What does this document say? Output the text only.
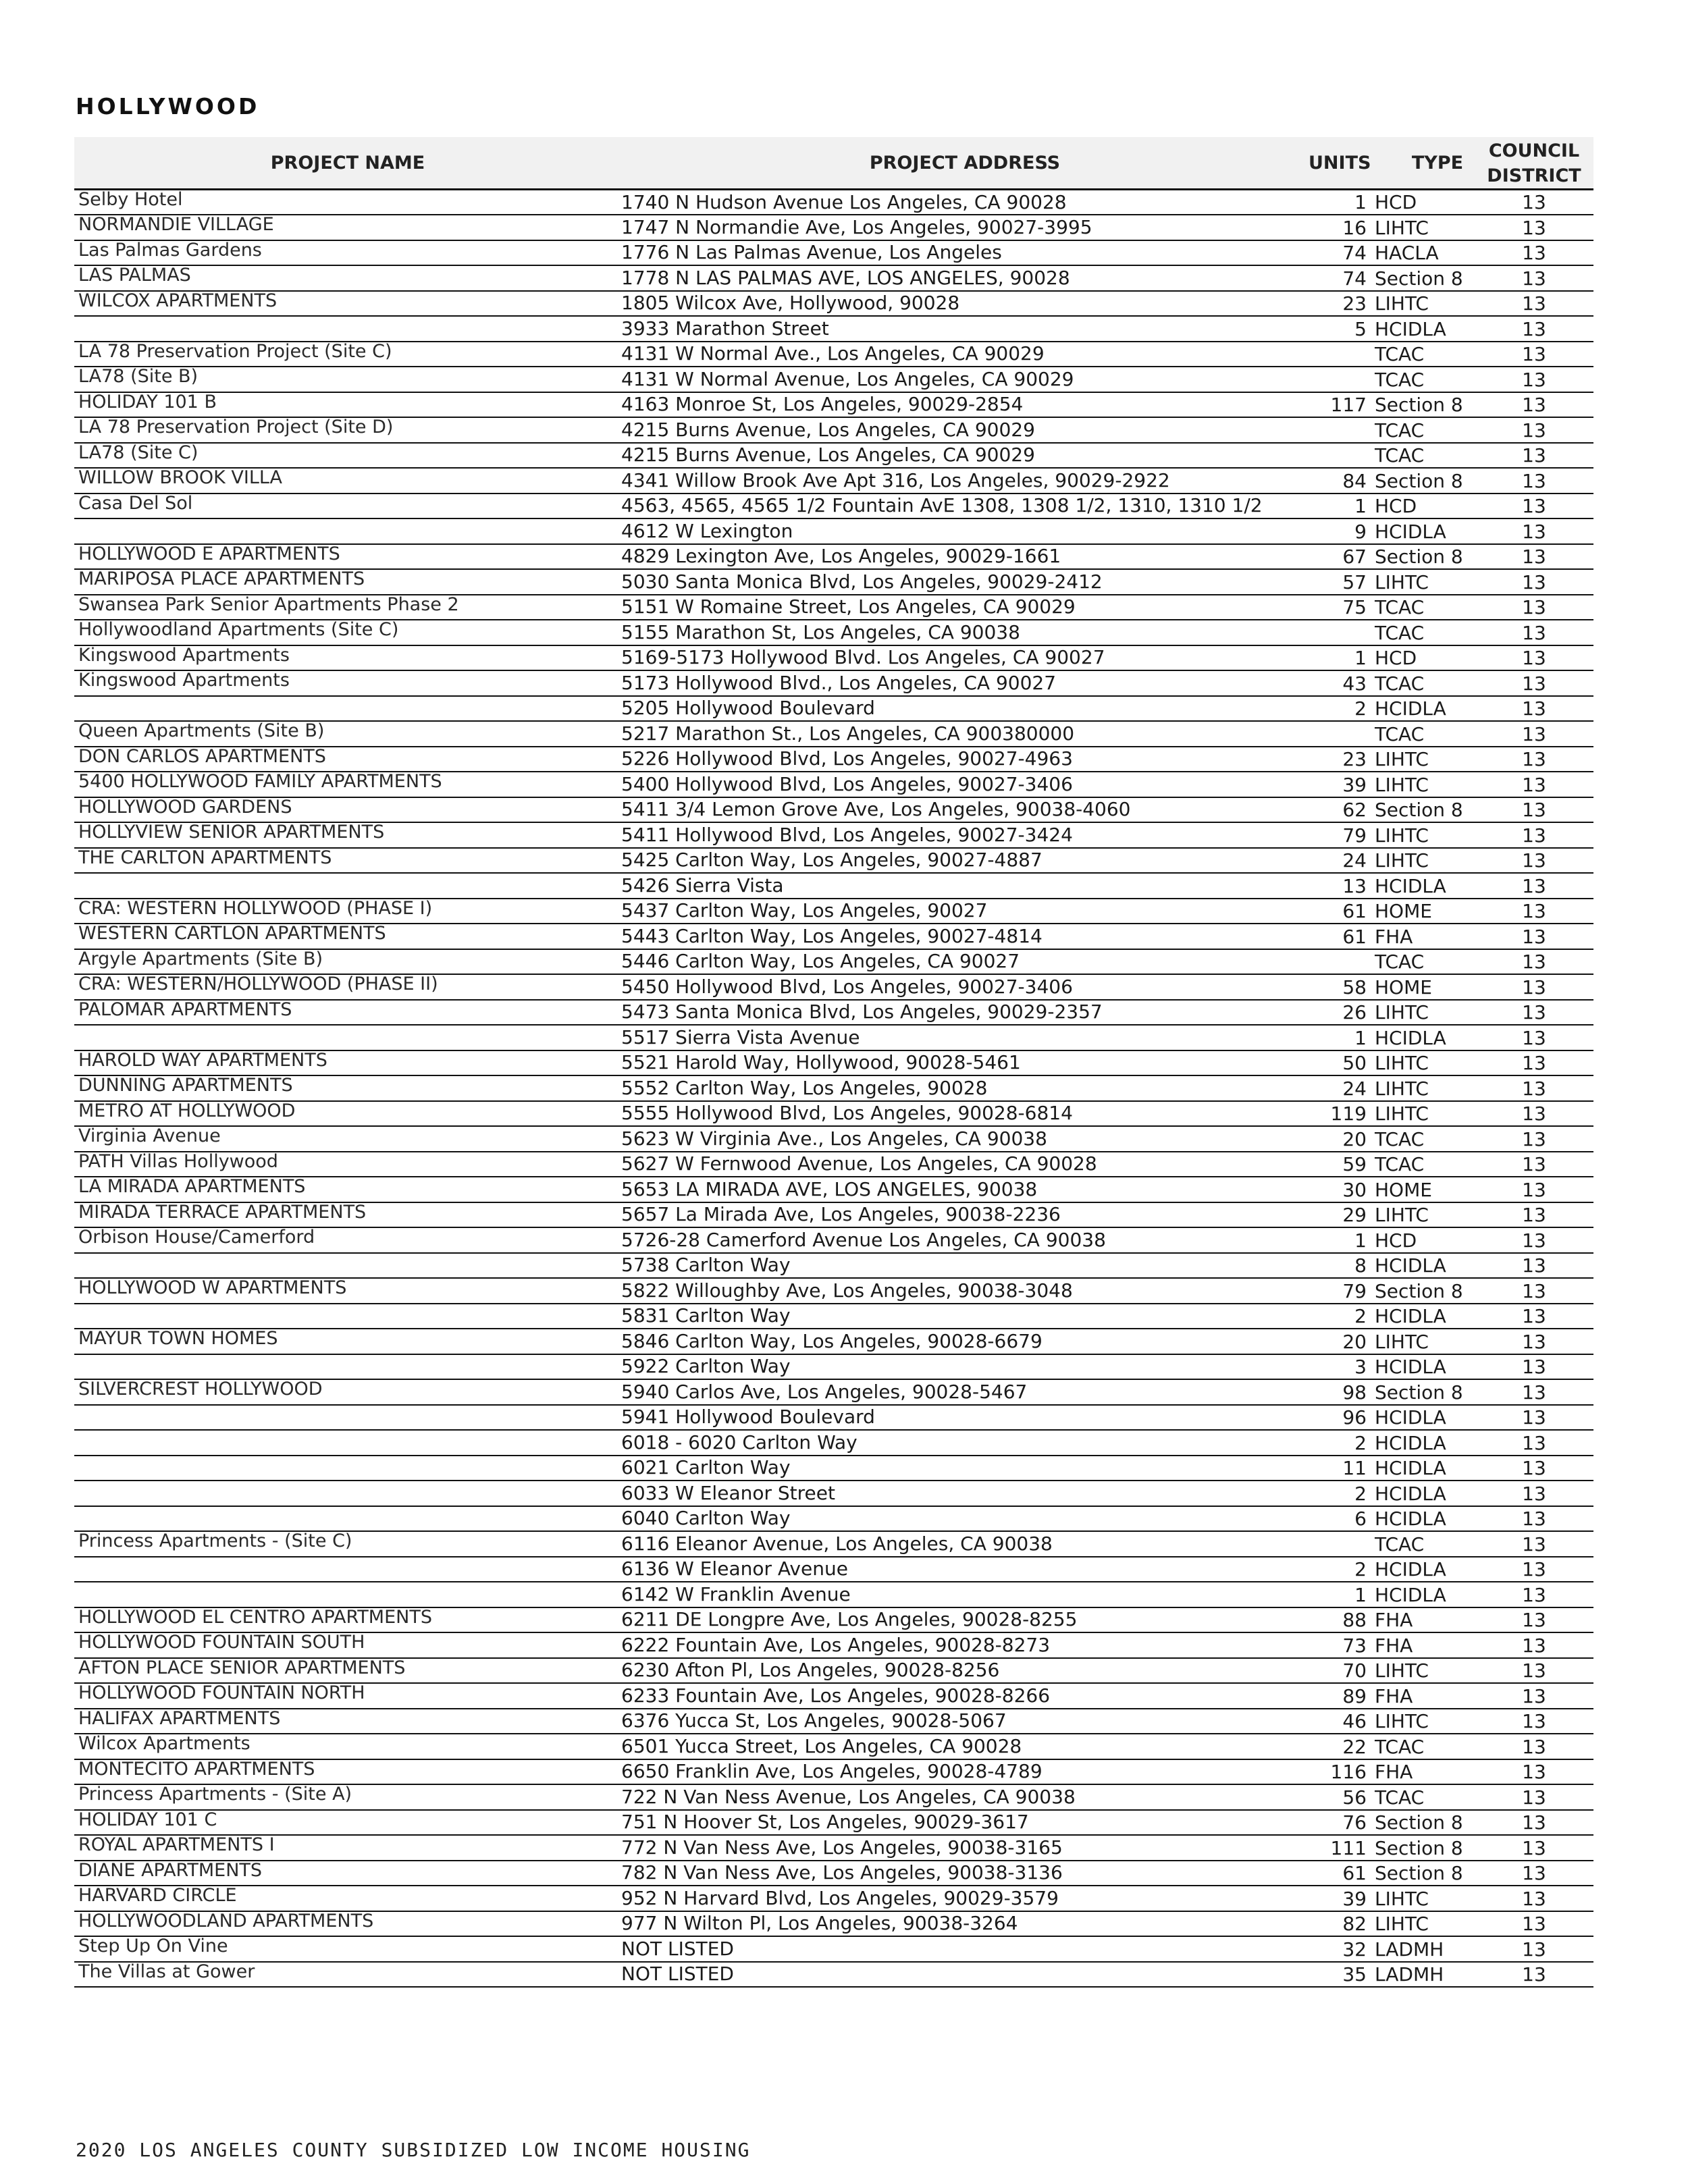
HOLLYWOOD
PROJECT NAME	PROJECT ADDRESS	UNITS	TYPE	COUNCIL DISTRICT
Selby Hotel	1740 N Hudson Avenue Los Angeles, CA 90028	1	HCD	13
NORMANDIE VILLAGE	1747 N Normandie Ave, Los Angeles, 90027-3995	16	LIHTC	13
Las Palmas Gardens	1776 N Las Palmas Avenue, Los Angeles	74	HACLA	13
LAS PALMAS	1778 N LAS PALMAS AVE, LOS ANGELES, 90028	74	Section 8	13
WILCOX APARTMENTS	1805 Wilcox Ave, Hollywood, 90028	23	LIHTC	13
	3933 Marathon Street	5	HCIDLA	13
LA 78 Preservation Project (Site C)	4131 W Normal Ave., Los Angeles, CA 90029		TCAC	13
LA78 (Site B)	4131 W Normal Avenue, Los Angeles, CA 90029		TCAC	13
HOLIDAY 101 B	4163 Monroe St, Los Angeles, 90029-2854	117	Section 8	13
LA 78 Preservation Project (Site D)	4215 Burns Avenue, Los Angeles, CA 90029		TCAC	13
LA78 (Site C)	4215 Burns Avenue, Los Angeles, CA 90029		TCAC	13
WILLOW BROOK VILLA	4341 Willow Brook Ave Apt 316, Los Angeles, 90029-2922	84	Section 8	13
Casa Del Sol	4563, 4565, 4565 1/2 Fountain AvE 1308, 1308 1/2, 1310, 1310 1/2	1	HCD	13
	4612 W Lexington	9	HCIDLA	13
HOLLYWOOD E APARTMENTS	4829 Lexington Ave, Los Angeles, 90029-1661	67	Section 8	13
MARIPOSA PLACE APARTMENTS	5030 Santa Monica Blvd, Los Angeles, 90029-2412	57	LIHTC	13
Swansea Park Senior Apartments Phase 2	5151 W Romaine Street, Los Angeles, CA 90029	75	TCAC	13
Hollywoodland Apartments (Site C)	5155 Marathon St, Los Angeles, CA 90038		TCAC	13
Kingswood Apartments	5169-5173 Hollywood Blvd. Los Angeles, CA 90027	1	HCD	13
Kingswood Apartments	5173 Hollywood Blvd., Los Angeles, CA 90027	43	TCAC	13
	5205 Hollywood Boulevard	2	HCIDLA	13
Queen Apartments (Site B)	5217 Marathon St., Los Angeles, CA 900380000		TCAC	13
DON CARLOS APARTMENTS	5226 Hollywood Blvd, Los Angeles, 90027-4963	23	LIHTC	13
5400 HOLLYWOOD FAMILY APARTMENTS	5400 Hollywood Blvd, Los Angeles, 90027-3406	39	LIHTC	13
HOLLYWOOD GARDENS	5411 3/4 Lemon Grove Ave, Los Angeles, 90038-4060	62	Section 8	13
HOLLYVIEW SENIOR APARTMENTS	5411 Hollywood Blvd, Los Angeles, 90027-3424	79	LIHTC	13
THE CARLTON APARTMENTS	5425 Carlton Way, Los Angeles, 90027-4887	24	LIHTC	13
	5426 Sierra Vista	13	HCIDLA	13
CRA: WESTERN HOLLYWOOD (PHASE I)	5437 Carlton Way, Los Angeles, 90027	61	HOME	13
WESTERN CARTLON APARTMENTS	5443 Carlton Way, Los Angeles, 90027-4814	61	FHA	13
Argyle Apartments (Site B)	5446 Carlton Way, Los Angeles, CA 90027		TCAC	13
CRA: WESTERN/HOLLYWOOD (PHASE II)	5450 Hollywood Blvd, Los Angeles, 90027-3406	58	HOME	13
PALOMAR APARTMENTS	5473 Santa Monica Blvd, Los Angeles, 90029-2357	26	LIHTC	13
	5517 Sierra Vista Avenue	1	HCIDLA	13
HAROLD WAY APARTMENTS	5521 Harold Way, Hollywood, 90028-5461	50	LIHTC	13
DUNNING APARTMENTS	5552 Carlton Way, Los Angeles, 90028	24	LIHTC	13
METRO AT HOLLYWOOD	5555 Hollywood Blvd, Los Angeles, 90028-6814	119	LIHTC	13
Virginia Avenue	5623 W Virginia Ave., Los Angeles, CA 90038	20	TCAC	13
PATH Villas Hollywood	5627 W Fernwood Avenue, Los Angeles, CA 90028	59	TCAC	13
LA MIRADA APARTMENTS	5653 LA MIRADA AVE, LOS ANGELES, 90038	30	HOME	13
MIRADA TERRACE APARTMENTS	5657 La Mirada Ave, Los Angeles, 90038-2236	29	LIHTC	13
Orbison House/Camerford	5726-28 Camerford Avenue Los Angeles, CA 90038	1	HCD	13
	5738 Carlton Way	8	HCIDLA	13
HOLLYWOOD W APARTMENTS	5822 Willoughby Ave, Los Angeles, 90038-3048	79	Section 8	13
	5831 Carlton Way	2	HCIDLA	13
MAYUR TOWN HOMES	5846 Carlton Way, Los Angeles, 90028-6679	20	LIHTC	13
	5922 Carlton Way	3	HCIDLA	13
SILVERCREST HOLLYWOOD	5940 Carlos Ave, Los Angeles, 90028-5467	98	Section 8	13
	5941 Hollywood Boulevard	96	HCIDLA	13
	6018 - 6020 Carlton Way	2	HCIDLA	13
	6021 Carlton Way	11	HCIDLA	13
	6033 W Eleanor Street	2	HCIDLA	13
	6040 Carlton Way	6	HCIDLA	13
Princess Apartments - (Site C)	6116 Eleanor Avenue, Los Angeles, CA 90038		TCAC	13
	6136 W Eleanor Avenue	2	HCIDLA	13
	6142 W Franklin Avenue	1	HCIDLA	13
HOLLYWOOD EL CENTRO APARTMENTS	6211 DE Longpre Ave, Los Angeles, 90028-8255	88	FHA	13
HOLLYWOOD FOUNTAIN SOUTH	6222 Fountain Ave, Los Angeles, 90028-8273	73	FHA	13
AFTON PLACE SENIOR APARTMENTS	6230 Afton Pl, Los Angeles, 90028-8256	70	LIHTC	13
HOLLYWOOD FOUNTAIN NORTH	6233 Fountain Ave, Los Angeles, 90028-8266	89	FHA	13
HALIFAX APARTMENTS	6376 Yucca St, Los Angeles, 90028-5067	46	LIHTC	13
Wilcox Apartments	6501 Yucca Street, Los Angeles, CA 90028	22	TCAC	13
MONTECITO APARTMENTS	6650 Franklin Ave, Los Angeles, 90028-4789	116	FHA	13
Princess Apartments - (Site A)	722 N Van Ness Avenue, Los Angeles, CA 90038	56	TCAC	13
HOLIDAY 101 C	751 N Hoover St, Los Angeles, 90029-3617	76	Section 8	13
ROYAL APARTMENTS I	772 N Van Ness Ave, Los Angeles, 90038-3165	111	Section 8	13
DIANE APARTMENTS	782 N Van Ness Ave, Los Angeles, 90038-3136	61	Section 8	13
HARVARD CIRCLE	952 N Harvard Blvd, Los Angeles, 90029-3579	39	LIHTC	13
HOLLYWOODLAND APARTMENTS	977 N Wilton Pl, Los Angeles, 90038-3264	82	LIHTC	13
Step Up On Vine	NOT LISTED	32	LADMH	13
The Villas at Gower	NOT LISTED	35	LADMH	13
2020 LOS ANGELES COUNTY SUBSIDIZED LOW INCOME HOUSING
